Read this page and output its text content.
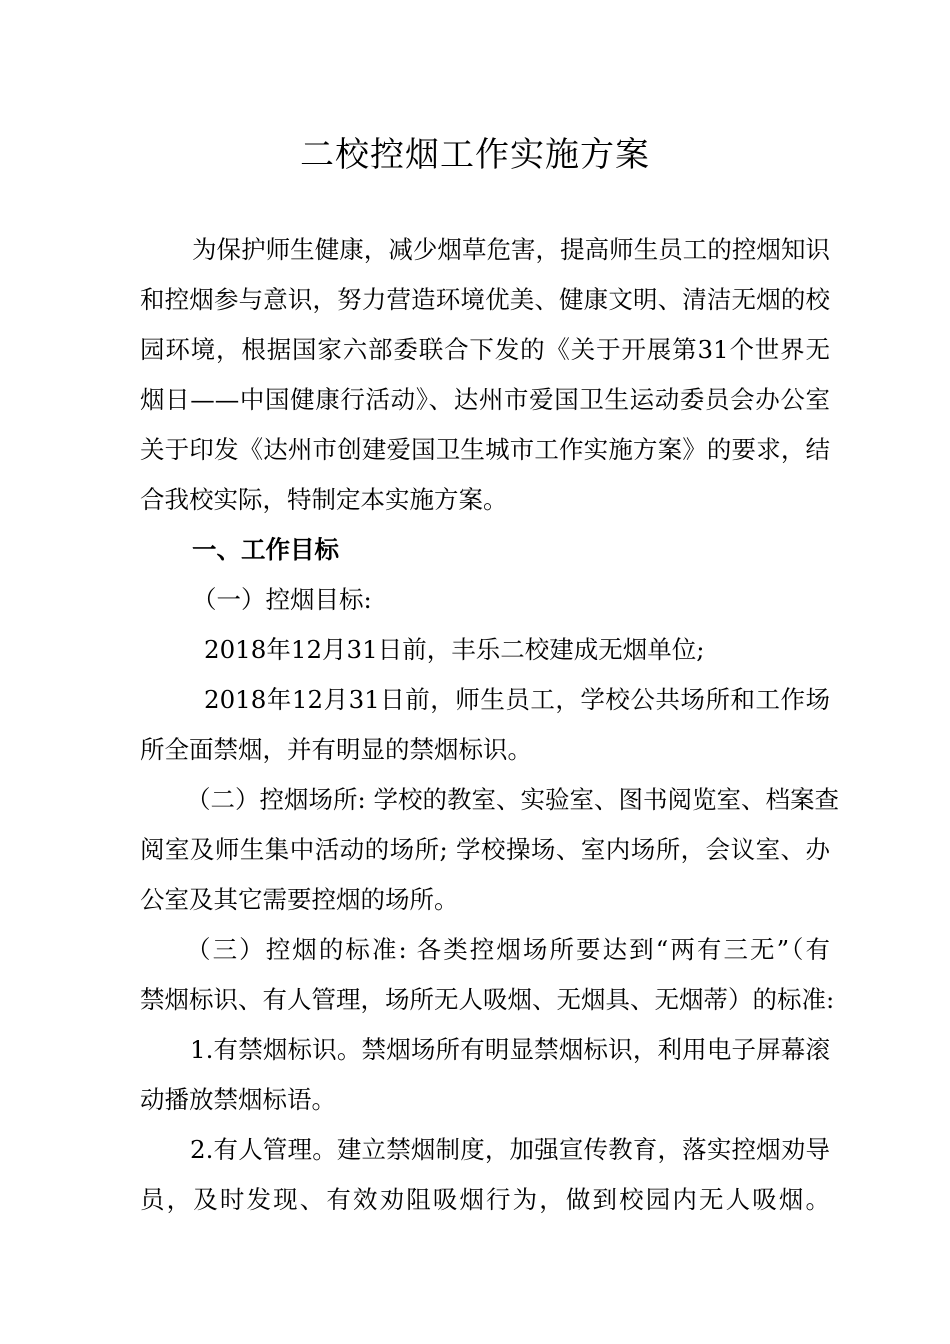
二校控烟工作实施方案
为保护师生健康，减少烟草危害，提高师生员工的控烟知识
和控烟参与意识，努力营造环境优美、健康文明、清洁无烟的校
园环境，根据国家六部委联合下发的《关于开展第31个世界无
烟日——中国健康行活动》、达州市爱国卫生运动委员会办公室
关于印发《达州市创建爱国卫生城市工作实施方案》的要求，结
合我校实际，特制定本实施方案。
一、工作目标
（一）控烟目标:
2018年12月31日前，丰乐二校建成无烟单位;
2018年12月31日前，师生员工，学校公共场所和工作场
所全面禁烟，并有明显的禁烟标识。
（二）控烟场所: 学校的教室、实验室、图书阅览室、档案查
阅室及师生集中活动的场所; 学校操场、室内场所，会议室、办
公室及其它需要控烟的场所。
（三）控烟的标准: 各类控烟场所要达到“两有三无”（有
禁烟标识、有人管理，场所无人吸烟、无烟具、无烟蒂）的标准:
1.有禁烟标识。禁烟场所有明显禁烟标识，利用电子屏幕滚
动播放禁烟标语。
2.有人管理。建立禁烟制度，加强宣传教育，落实控烟劝导
员，及时发现、有效劝阻吸烟行为，做到校园内无人吸烟。
